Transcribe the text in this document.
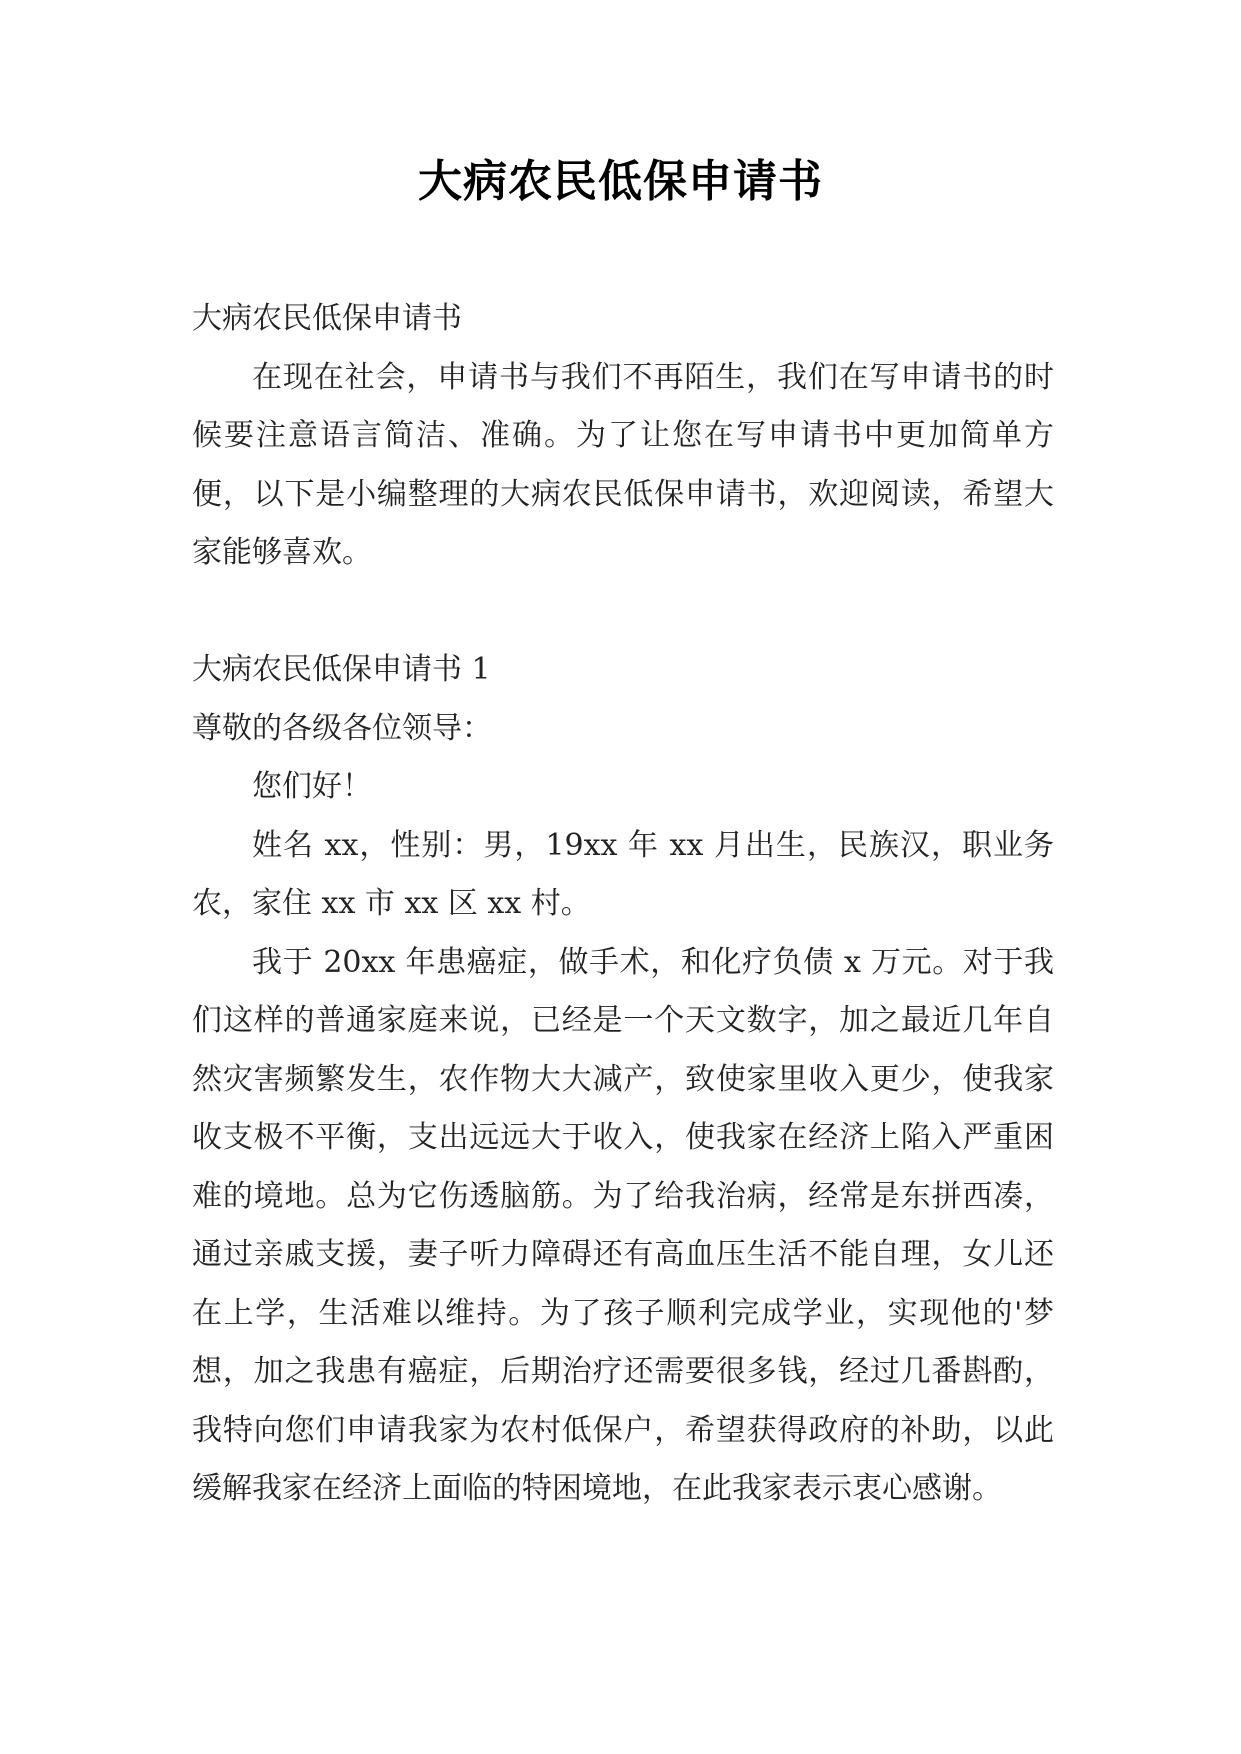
大病农民低保申请书

大病农民低保申请书

在现在社会，申请书与我们不再陌生，我们在写申请书的时候要注意语言简洁、准确。为了让您在写申请书中更加简单方便，以下是小编整理的大病农民低保申请书，欢迎阅读，希望大家能够喜欢。

大病农民低保申请书 1

尊敬的各级各位领导：

您们好！

姓名 xx，性别：男，19xx 年 xx 月出生，民族汉，职业务农，家住 xx 市 xx 区 xx 村。

我于 20xx 年患癌症，做手术，和化疗负债 x 万元。对于我们这样的普通家庭来说，已经是一个天文数字，加之最近几年自然灾害频繁发生，农作物大大减产，致使家里收入更少，使我家收支极不平衡，支出远远大于收入，使我家在经济上陷入严重困难的境地。总为它伤透脑筋。为了给我治病，经常是东拼西凑，通过亲戚支援，妻子听力障碍还有高血压生活不能自理，女儿还在上学，生活难以维持。为了孩子顺利完成学业，实现他的'梦想，加之我患有癌症，后期治疗还需要很多钱，经过几番斟酌，我特向您们申请我家为农村低保户，希望获得政府的补助，以此缓解我家在经济上面临的特困境地，在此我家表示衷心感谢。
